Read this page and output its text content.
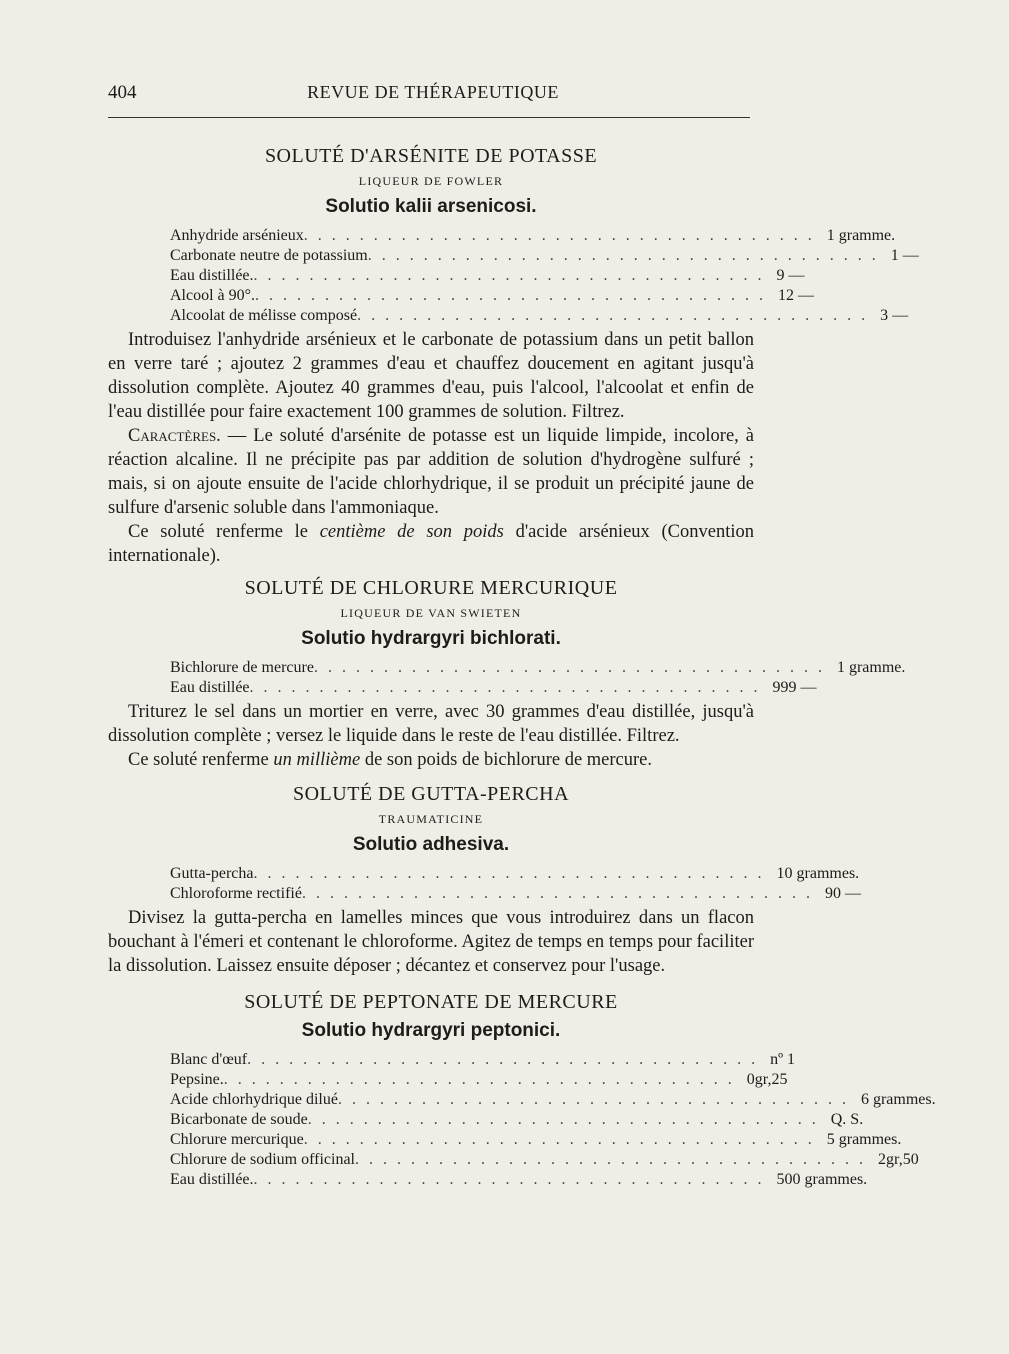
404	REVUE DE THÉRAPEUTIQUE
SOLUTÉ D'ARSÉNITE DE POTASSE
LIQUEUR DE FOWLER
Solutio kalii arsenicosi.
Anhydride arsénieux . . . . . . . . . . . . . . . . . . . . . . . . . . . . . . . . . . . . . 1 gramme.
Carbonate neutre de potassium . . . . . . . . . . . . . . . . . . . . . . . . . . . . . . . . . . . . . 1 —
Eau distillée. . . . . . . . . . . . . . . . . . . . . . . . . . . . . . . . . . . . . . 9 —
Alcool à 90°. . . . . . . . . . . . . . . . . . . . . . . . . . . . . . . . . . . . . . 12 —
Alcoolat de mélisse composé . . . . . . . . . . . . . . . . . . . . . . . . . . . . . . . . . . . . . 3 —

Introduisez l'anhydride arsénieux et le carbonate de potassium dans un petit ballon en verre taré ; ajoutez 2 grammes d'eau et chauffez doucement en agitant jusqu'à dissolution complète. Ajoutez 40 grammes d'eau, puis l'alcool, l'alcoolat et enfin de l'eau distillée pour faire exactement 100 grammes de solution. Filtrez.

Caractères. — Le soluté d'arsénite de potasse est un liquide limpide, incolore, à réaction alcaline. Il ne précipite pas par addition de solution d'hydrogène sulfuré ; mais, si on ajoute ensuite de l'acide chlorhydrique, il se produit un précipité jaune de sulfure d'arsenic soluble dans l'ammoniaque.

Ce soluté renferme le centième de son poids d'acide arsénieux (Convention internationale).

SOLUTÉ DE CHLORURE MERCURIQUE
LIQUEUR DE VAN SWIETEN
Solutio hydrargyri bichlorati.
Bichlorure de mercure . . . . . . . . . . . . . . . . . . . . . . . . . . . . . . . . . . . . . 1 gramme.
Eau distillée . . . . . . . . . . . . . . . . . . . . . . . . . . . . . . . . . . . . . 999 —

Triturez le sel dans un mortier en verre, avec 30 grammes d'eau distillée, jusqu'à dissolution complète ; versez le liquide dans le reste de l'eau distillée. Filtrez.

Ce soluté renferme un millième de son poids de bichlorure de mercure.

SOLUTÉ DE GUTTA-PERCHA
TRAUMATICINE
Solutio adhesiva.
Gutta-percha . . . . . . . . . . . . . . . . . . . . . . . . . . . . . . . . . . . . . 10 grammes.
Chloroforme rectifié . . . . . . . . . . . . . . . . . . . . . . . . . . . . . . . . . . . . . 90 —

Divisez la gutta-percha en lamelles minces que vous introduirez dans un flacon bouchant à l'émeri et contenant le chloroforme. Agitez de temps en temps pour faciliter la dissolution. Laissez ensuite déposer ; décantez et conservez pour l'usage.

SOLUTÉ DE PEPTONATE DE MERCURE
Solutio hydrargyri peptonici.
Blanc d'œuf . . . . . . . . . . . . . . . . . . . . . . . . . . . . . . . . . . . . . nº 1
Pepsine. . . . . . . . . . . . . . . . . . . . . . . . . . . . . . . . . . . . . . 0gr,25
Acide chlorhydrique dilué . . . . . . . . . . . . . . . . . . . . . . . . . . . . . . . . . . . . . 6 grammes.
Bicarbonate de soude . . . . . . . . . . . . . . . . . . . . . . . . . . . . . . . . . . . . . Q. S.
Chlorure mercurique . . . . . . . . . . . . . . . . . . . . . . . . . . . . . . . . . . . . . 5 grammes.
Chlorure de sodium officinal . . . . . . . . . . . . . . . . . . . . . . . . . . . . . . . . . . . . . 2gr,50
Eau distillée. . . . . . . . . . . . . . . . . . . . . . . . . . . . . . . . . . . . . . 500 grammes.
